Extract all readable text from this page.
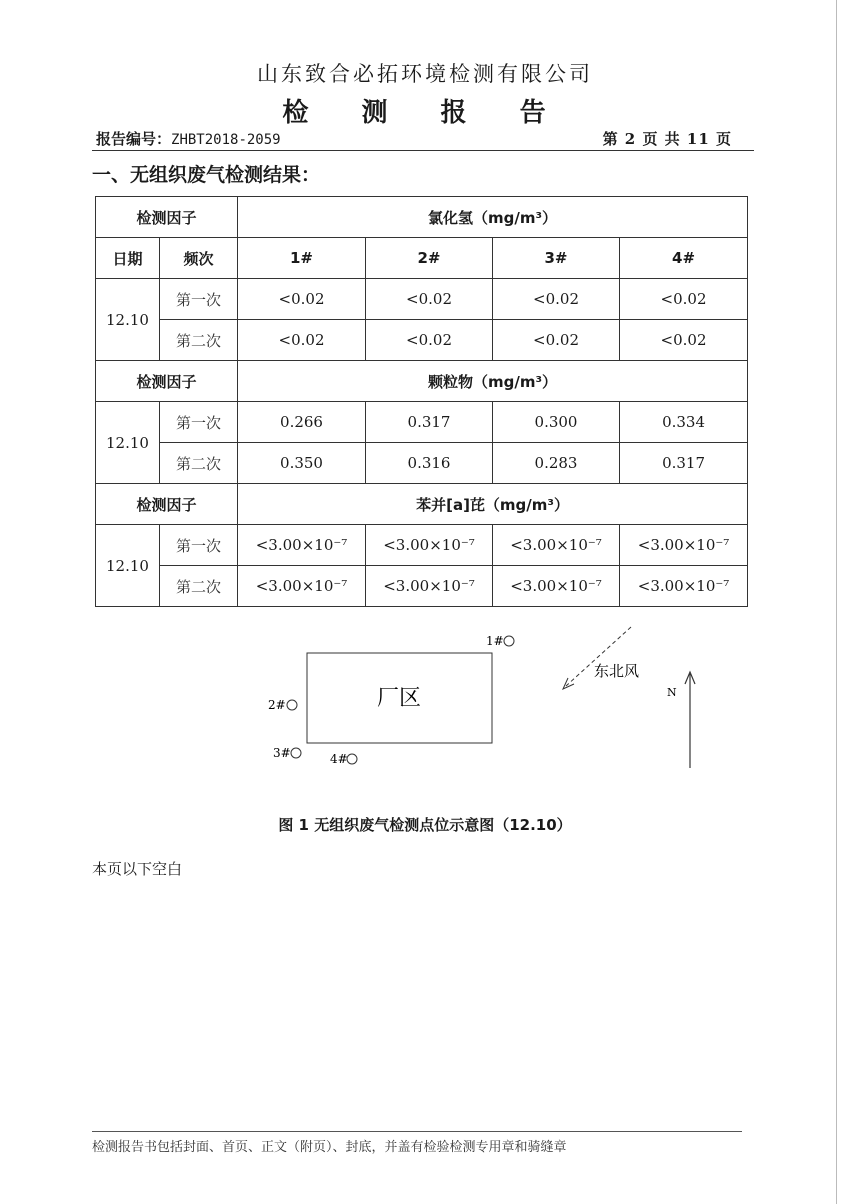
山东致合必拓环境检测有限公司
检 测 报 告
报告编号：ZHBT2018-2059	第 2 页 共 11 页
一、无组织废气检测结果：
检测因子		氯化氢（mg/m³）			
日期	频次	1#	2#	3#	4#
12.10	第一次	<0.02	<0.02	<0.02	<0.02
	第二次	<0.02	<0.02	<0.02	<0.02
检测因子		颗粒物（mg/m³）			
12.10	第一次	0.266	0.317	0.300	0.334
	第二次	0.350	0.316	0.283	0.317
检测因子		苯并[a]芘（mg/m³）			
12.10	第一次	<3.00×10⁻⁷	<3.00×10⁻⁷	<3.00×10⁻⁷	<3.00×10⁻⁷
	第二次	<3.00×10⁻⁷	<3.00×10⁻⁷	<3.00×10⁻⁷	<3.00×10⁻⁷
厂区
1#
2#
3#	4#
东北风
N
图 1 无组织废气检测点位示意图（12.10）
本页以下空白
检测报告书包括封面、首页、正文（附页）、封底，并盖有检验检测专用章和骑缝章
